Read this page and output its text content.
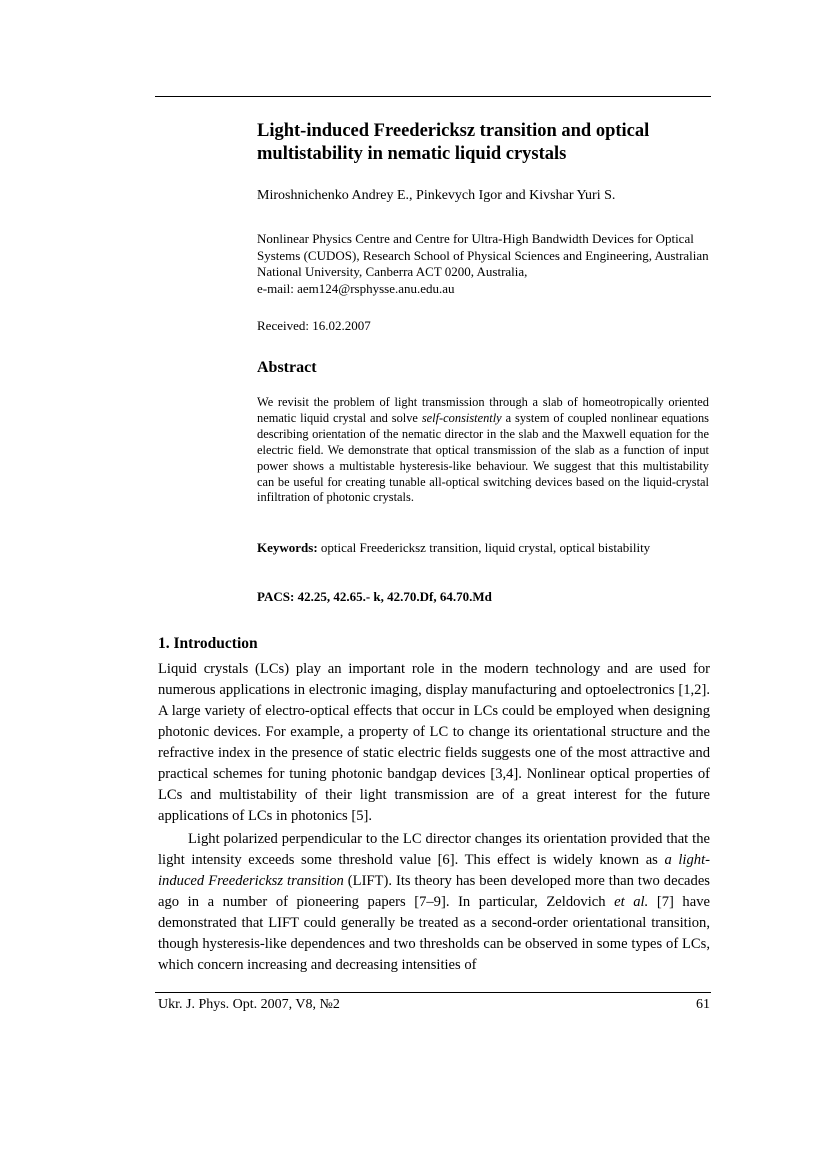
Light-induced Freedericksz transition and optical multistability in nematic liquid crystals
Miroshnichenko Andrey E., Pinkevych Igor and Kivshar Yuri S.
Nonlinear Physics Centre and Centre for Ultra-High Bandwidth Devices for Optical Systems (CUDOS), Research School of Physical Sciences and Engineering, Australian National University, Canberra ACT 0200, Australia,
e-mail: aem124@rsphysse.anu.edu.au
Received: 16.02.2007
Abstract
We revisit the problem of light transmission through a slab of homeotropically oriented nematic liquid crystal and solve self-consistently a system of coupled nonlinear equations describing orientation of the nematic director in the slab and the Maxwell equation for the electric field. We demonstrate that optical transmission of the slab as a function of input power shows a multistable hysteresis-like behaviour. We suggest that this multistability can be useful for creating tunable all-optical switching devices based on the liquid-crystal infiltration of photonic crystals.
Keywords: optical Freedericksz transition, liquid crystal, optical bistability
PACS: 42.25, 42.65.- k, 42.70.Df, 64.70.Md
1. Introduction
Liquid crystals (LCs) play an important role in the modern technology and are used for numerous applications in electronic imaging, display manufacturing and optoelectronics [1,2]. A large variety of electro-optical effects that occur in LCs could be employed when designing photonic devices. For example, a property of LC to change its orientational structure and the refractive index in the presence of static electric fields suggests one of the most attractive and practical schemes for tuning photonic bandgap devices [3,4]. Nonlinear optical properties of LCs and multistability of their light transmission are of a great interest for the future applications of LCs in photonics [5].
Light polarized perpendicular to the LC director changes its orientation provided that the light intensity exceeds some threshold value [6]. This effect is widely known as a light-induced Freedericksz transition (LIFT). Its theory has been developed more than two decades ago in a number of pioneering papers [7–9]. In particular, Zeldovich et al. [7] have demonstrated that LIFT could generally be treated as a second-order orientational transition, though hysteresis-like dependences and two thresholds can be observed in some types of LCs, which concern increasing and decreasing intensities of
Ukr. J. Phys. Opt. 2007, V8, №2	61
